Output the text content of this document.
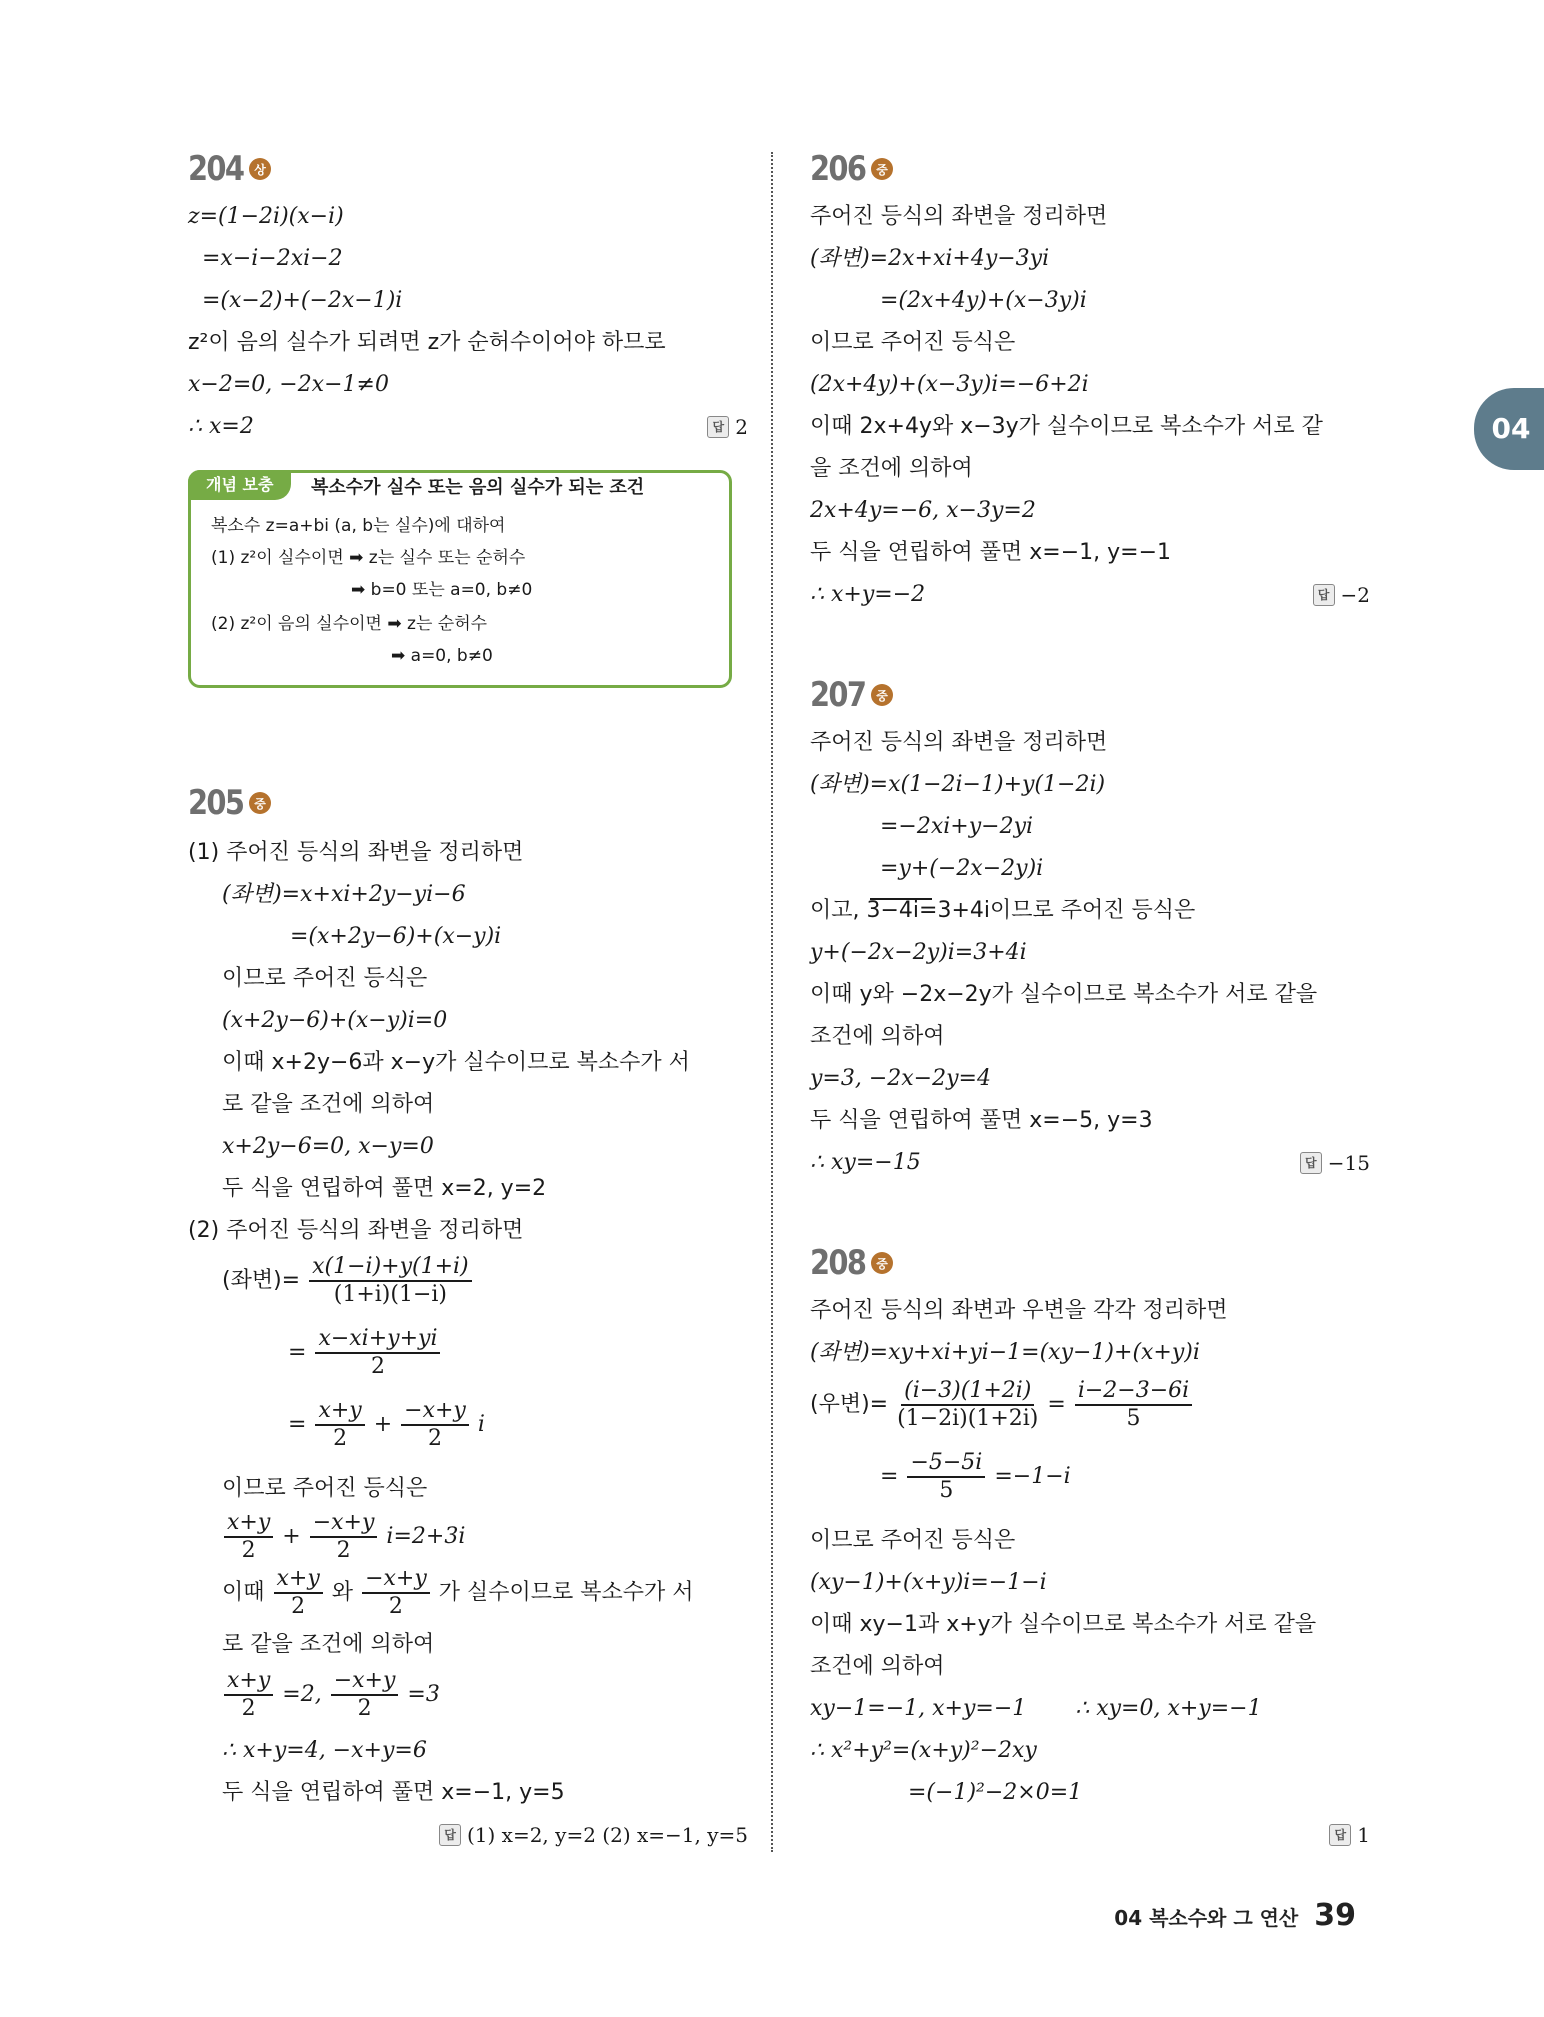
204 상
z=(1−2i)(x−i)
=x−i−2xi−2
=(x−2)+(−2x−1)i
z²이 음의 실수가 되려면 z가 순허수이어야 하므로
x−2=0, −2x−1≠0
∴ x=2	답 2
개념 보충	복소수가 실수 또는 음의 실수가 되는 조건
복소수 z=a+bi (a, b는 실수)에 대하여
(1) z²이 실수이면 ➡ z는 실수 또는 순허수
➡ b=0 또는 a=0, b≠0
(2) z²이 음의 실수이면 ➡ z는 순허수
➡ a=0, b≠0
205 중
(1) 주어진 등식의 좌변을 정리하면
(좌변)=x+xi+2y−yi−6
=(x+2y−6)+(x−y)i
이므로 주어진 등식은
(x+2y−6)+(x−y)i=0
이때 x+2y−6과 x−y가 실수이므로 복소수가 서
로 같을 조건에 의하여
x+2y−6=0, x−y=0
두 식을 연립하여 풀면 x=2, y=2
(2) 주어진 등식의 좌변을 정리하면
(좌변)= $\frac{x(1-i)+y(1+i)}{(1+i)(1-i)}$
= $\frac{x-xi+y+yi}{2}$
= $\frac{x+y}{2} + \frac{-x+y}{2}$ i
이므로 주어진 등식은
$\frac{x+y}{2} + \frac{-x+y}{2} i=2+3i$
이때 $\frac{x+y}{2}$ 와 $\frac{-x+y}{2}$ 가 실수이므로 복소수가 서
로 같을 조건에 의하여
$\frac{x+y}{2} =2$, $\frac{-x+y}{2} =3$
∴ x+y=4, −x+y=6
두 식을 연립하여 풀면 x=−1, y=5
답 (1) x=2, y=2 (2) x=−1, y=5
206 중
주어진 등식의 좌변을 정리하면
(좌변)=2x+xi+4y−3yi
=(2x+4y)+(x−3y)i
이므로 주어진 등식은
(2x+4y)+(x−3y)i=−6+2i
이때 2x+4y와 x−3y가 실수이므로 복소수가 서로 같
을 조건에 의하여
2x+4y=−6, x−3y=2
두 식을 연립하여 풀면 x=−1, y=−1
∴ x+y=−2	답 −2
207 중
주어진 등식의 좌변을 정리하면
(좌변)=x(1−2i−1)+y(1−2i)
=−2xi+y−2yi
=y+(−2x−2y)i
이고, 3−4i=3+4i이므로 주어진 등식은
y+(−2x−2y)i=3+4i
이때 y와 −2x−2y가 실수이므로 복소수가 서로 같을
조건에 의하여
y=3, −2x−2y=4
두 식을 연립하여 풀면 x=−5, y=3
∴ xy=−15	답 −15
208 중
주어진 등식의 좌변과 우변을 각각 정리하면
(좌변)=xy+xi+yi−1=(xy−1)+(x+y)i
(우변)= $\frac{(i-3)(1+2i)}{(1-2i)(1+2i)} = \frac{i-2-3-6i}{5}$
= $\frac{-5-5i}{5} =-1-i$
이므로 주어진 등식은
(xy−1)+(x+y)i=−1−i
이때 xy−1과 x+y가 실수이므로 복소수가 서로 같을
조건에 의하여
xy−1=−1, x+y=−1       ∴ xy=0, x+y=−1
∴ x²+y²=(x+y)²−2xy
=(−1)²−2×0=1
답 1
04
04 복소수와 그 연산 39
